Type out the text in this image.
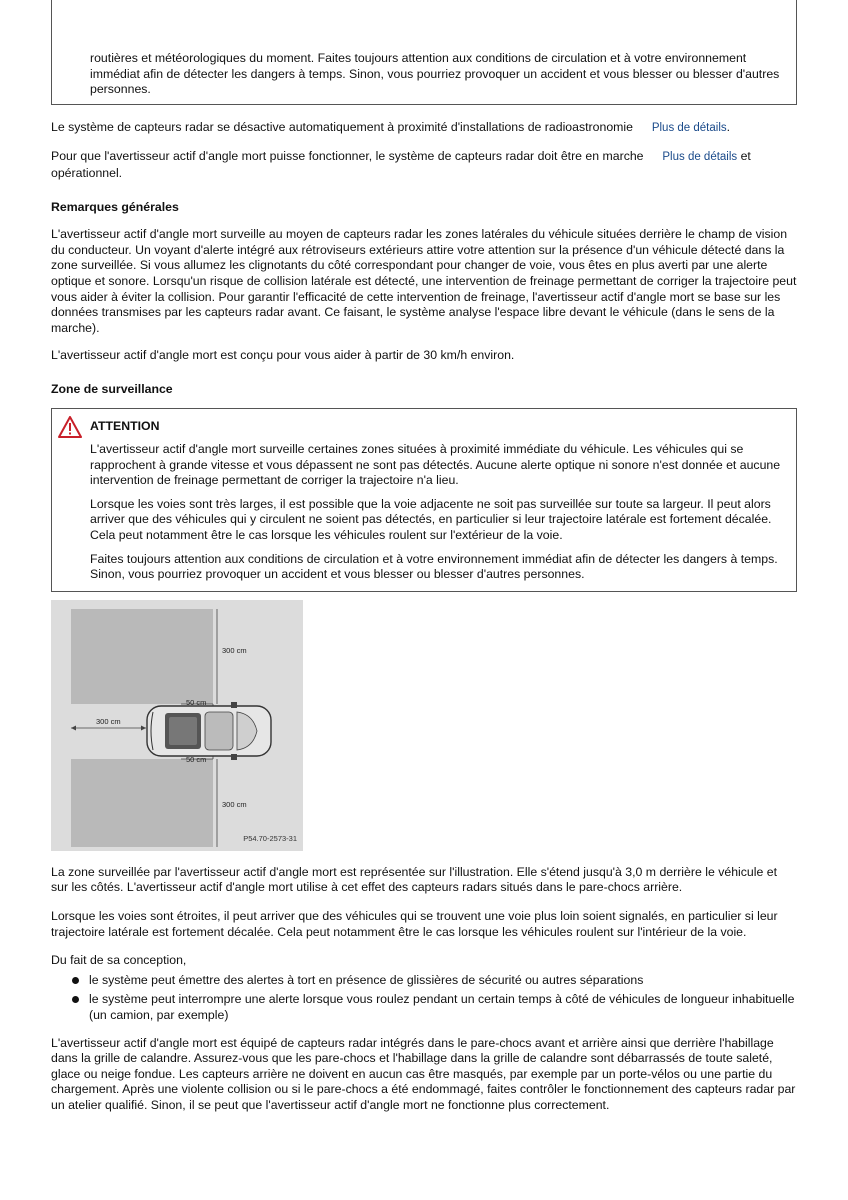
routières et météorologiques du moment. Faites toujours attention aux conditions de circulation et à votre environnement immédiat afin de détecter les dangers à temps. Sinon, vous pourriez provoquer un accident et vous blesser ou blesser d'autres personnes.

Le système de capteurs radar se désactive automatiquement à proximité d'installations de radioastronomie Plus de détails.

Pour que l'avertisseur actif d'angle mort puisse fonctionner, le système de capteurs radar doit être en marche Plus de détails et opérationnel.

Remarques générales

L'avertisseur actif d'angle mort surveille au moyen de capteurs radar les zones latérales du véhicule situées derrière le champ de vision du conducteur. Un voyant d'alerte intégré aux rétroviseurs extérieurs attire votre attention sur la présence d'un véhicule détecté dans la zone surveillée. Si vous allumez les clignotants du côté correspondant pour changer de voie, vous êtes en plus averti par une alerte optique et sonore. Lorsqu'un risque de collision latérale est détecté, une intervention de freinage permettant de corriger la trajectoire peut vous aider à éviter la collision. Pour garantir l'efficacité de cette intervention de freinage, l'avertisseur actif d'angle mort se base sur les données transmises par les capteurs radar avant. Ce faisant, le système analyse l'espace libre devant le véhicule (dans le sens de la marche).

L'avertisseur actif d'angle mort est conçu pour vous aider à partir de 30 km/h environ.

Zone de surveillance

ATTENTION

L'avertisseur actif d'angle mort surveille certaines zones situées à proximité immédiate du véhicule. Les véhicules qui se rapprochent à grande vitesse et vous dépassent ne sont pas détectés. Aucune alerte optique ni sonore n'est donnée et aucune intervention de freinage permettant de corriger la trajectoire n'a lieu.

Lorsque les voies sont très larges, il est possible que la voie adjacente ne soit pas surveillée sur toute sa largeur. Il peut alors arriver que des véhicules qui y circulent ne soient pas détectés, en particulier si leur trajectoire latérale est fortement décalée. Cela peut notamment être le cas lorsque les véhicules roulent sur l'extérieur de la voie.

Faites toujours attention aux conditions de circulation et à votre environnement immédiat afin de détecter les dangers à temps. Sinon, vous pourriez provoquer un accident et vous blesser ou blesser d'autres personnes.

300 cm
300 cm
50 cm
50 cm
300 cm
P54.70-2573-31

La zone surveillée par l'avertisseur actif d'angle mort est représentée sur l'illustration. Elle s'étend jusqu'à 3,0 m derrière le véhicule et sur les côtés. L'avertisseur actif d'angle mort utilise à cet effet des capteurs radars situés dans le pare-chocs arrière.

Lorsque les voies sont étroites, il peut arriver que des véhicules qui se trouvent une voie plus loin soient signalés, en particulier si leur trajectoire latérale est fortement décalée. Cela peut notamment être le cas lorsque les véhicules roulent sur l'intérieur de la voie.

Du fait de sa conception,

le système peut émettre des alertes à tort en présence de glissières de sécurité ou autres séparations
le système peut interrompre une alerte lorsque vous roulez pendant un certain temps à côté de véhicules de longueur inhabituelle (un camion, par exemple)

L'avertisseur actif d'angle mort est équipé de capteurs radar intégrés dans le pare-chocs avant et arrière ainsi que derrière l'habillage dans la grille de calandre. Assurez-vous que les pare-chocs et l'habillage dans la grille de calandre sont débarrassés de toute saleté, glace ou neige fondue. Les capteurs arrière ne doivent en aucun cas être masqués, par exemple par un porte-vélos ou une partie du chargement. Après une violente collision ou si le pare-chocs a été endommagé, faites contrôler le fonctionnement des capteurs radar par un atelier qualifié. Sinon, il se peut que l'avertisseur actif d'angle mort ne fonctionne plus correctement.
